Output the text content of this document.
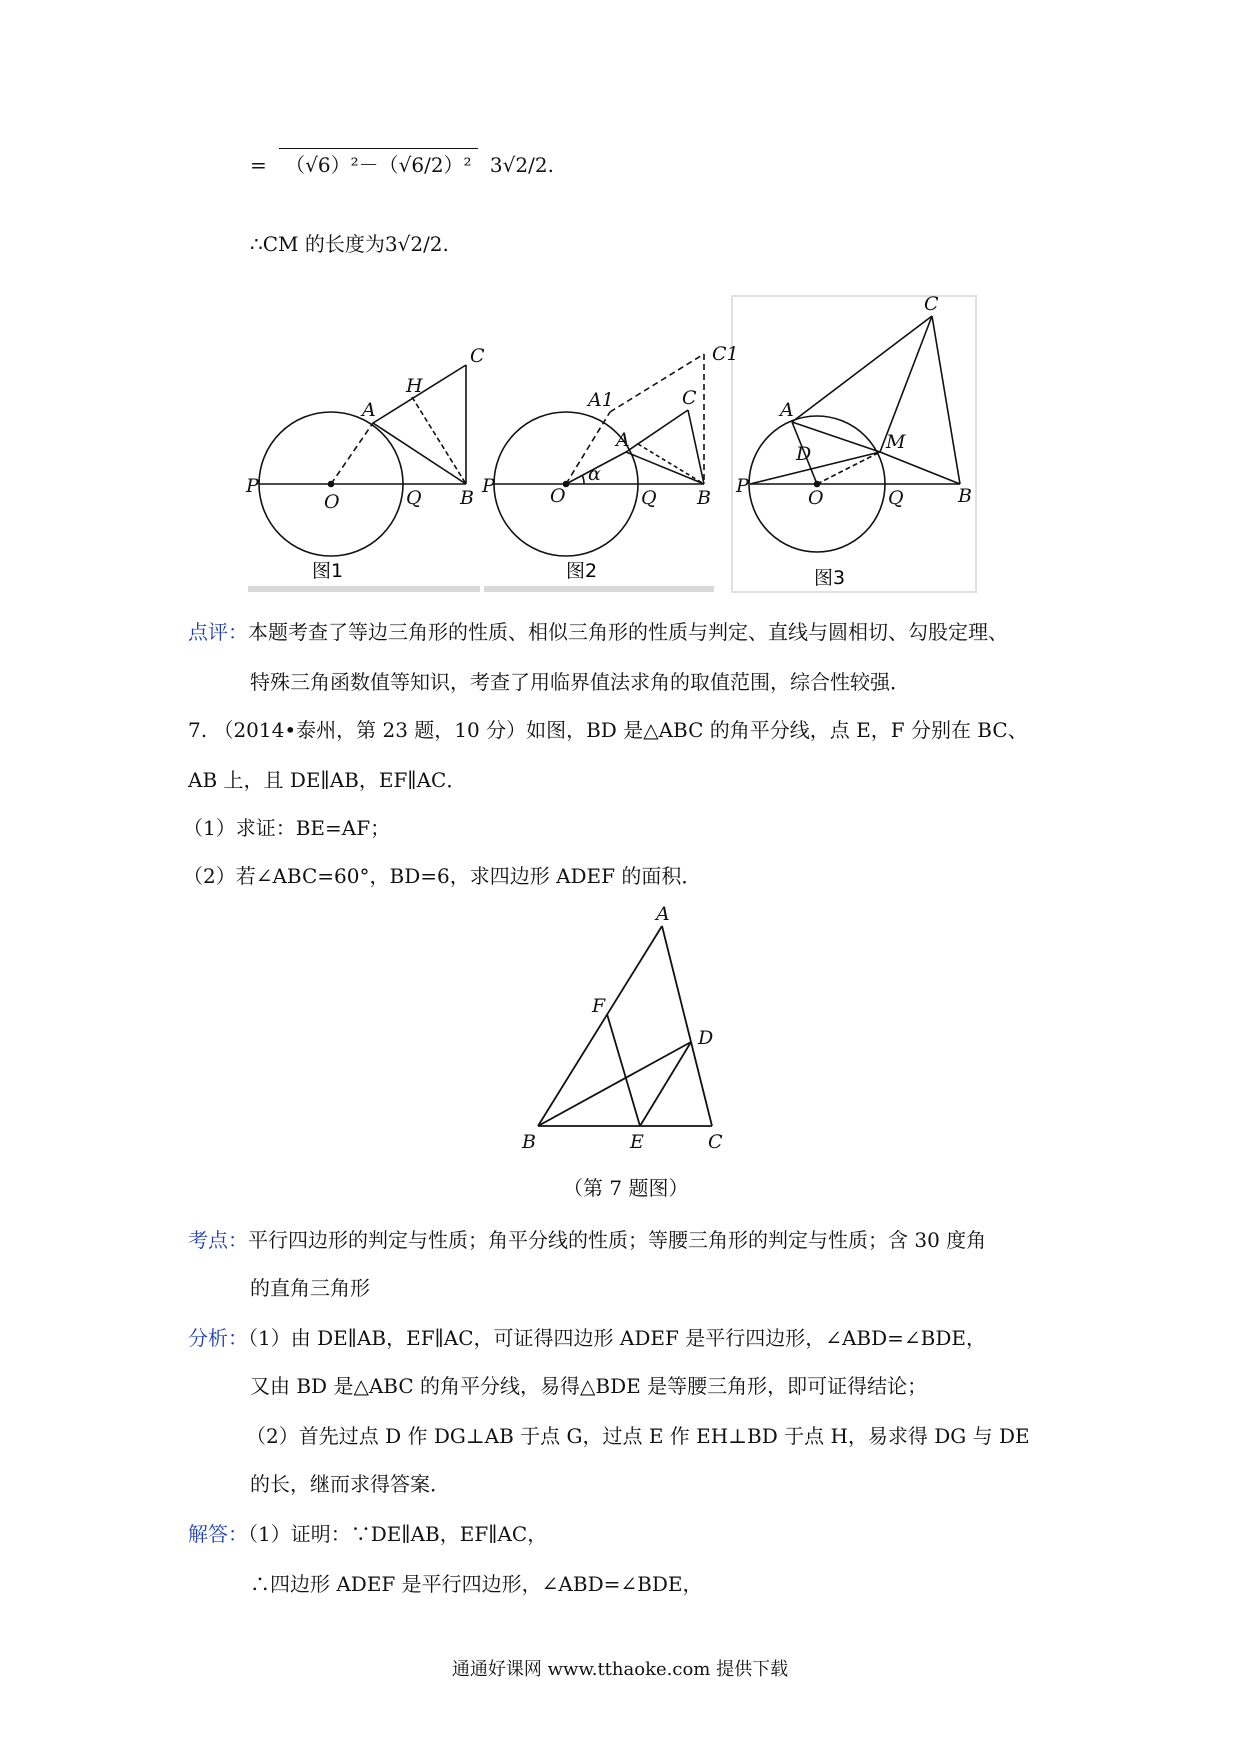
= （√6）²－（√6/2）² 3√2/2.
∴CM 的长度为3√2/2.
P
O	Q B
A
H
C
图1
P	O	Q B
A
A1	C
C1
α
图2
P
O	Q	B
A
D
M
C
图3
点评：本题考查了等边三角形的性质、相似三角形的性质与判定、直线与圆相切、勾股定理、
特殊三角函数值等知识，考查了用临界值法求角的取值范围，综合性较强．
7. （2014•泰州，第 23 题，10 分）如图，BD 是△ABC 的角平分线，点 E，F 分别在 BC、
AB 上，且 DE∥AB，EF∥AC．
（1）求证：BE=AF；
（2）若∠ABC=60°，BD=6，求四边形 ADEF 的面积．
A
F
D
B	E	C
（第 7 题图）
考点：平行四边形的判定与性质；角平分线的性质；等腰三角形的判定与性质；含 30 度角
的直角三角形
分析：（1）由 DE∥AB，EF∥AC，可证得四边形 ADEF 是平行四边形，∠ABD=∠BDE，
又由 BD 是△ABC 的角平分线，易得△BDE 是等腰三角形，即可证得结论；
（2）首先过点 D 作 DG⊥AB 于点 G，过点 E 作 EH⊥BD 于点 H，易求得 DG 与 DE
的长，继而求得答案．
解答：（1）证明：∵DE∥AB，EF∥AC，
∴四边形 ADEF 是平行四边形，∠ABD=∠BDE，
通通好课网 www.tthaoke.com 提供下载
